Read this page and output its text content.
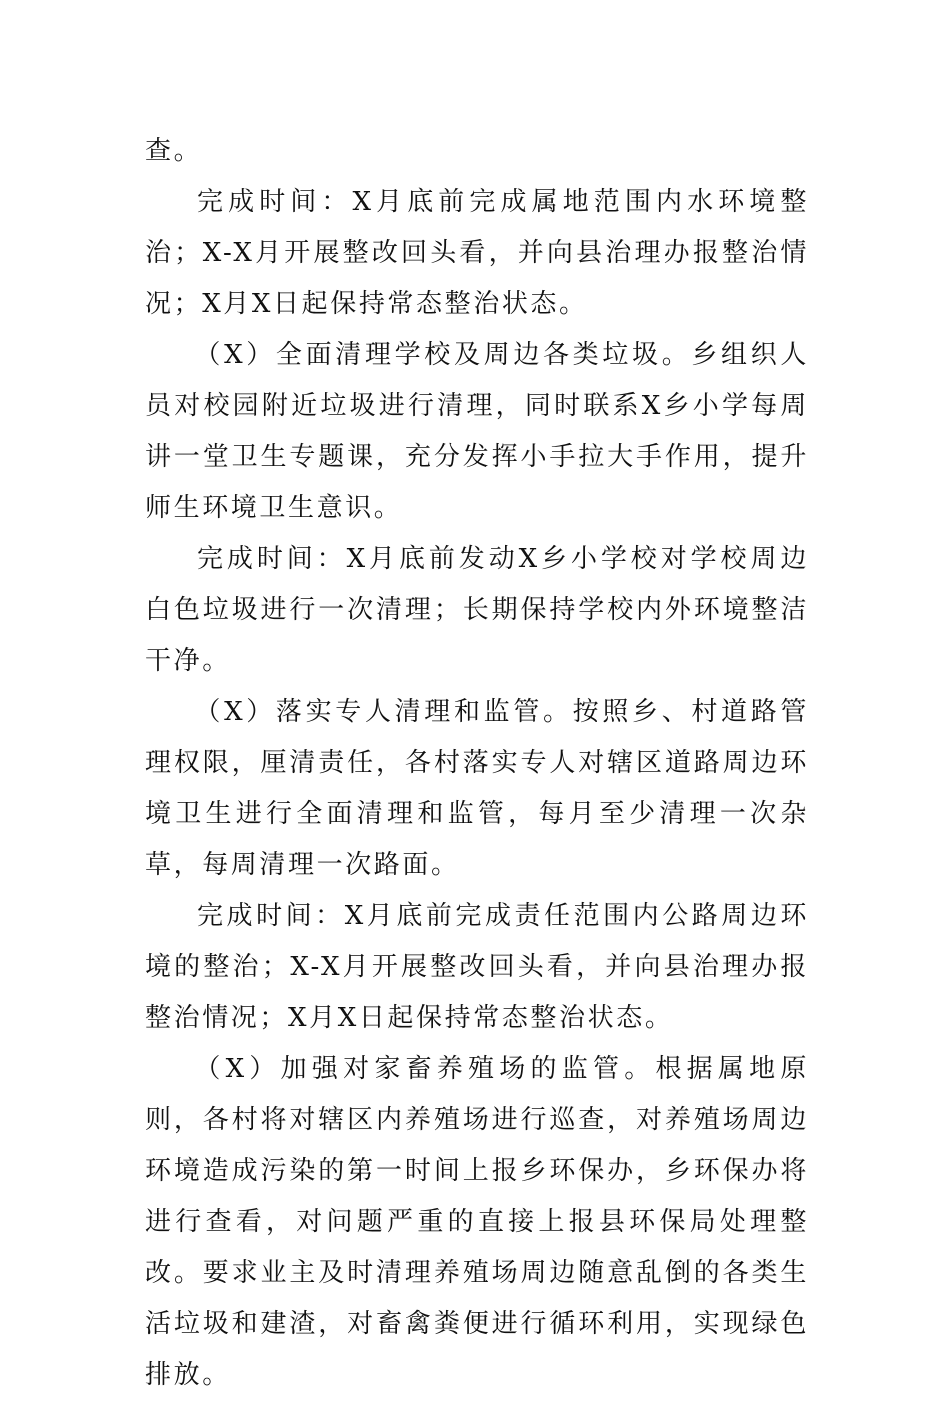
查。

完成时间：X月底前完成属地范围内水环境整治；X-X月开展整改回头看，并向县治理办报整治情况；X月X日起保持常态整治状态。

（X）全面清理学校及周边各类垃圾。乡组织人员对校园附近垃圾进行清理，同时联系X乡小学每周讲一堂卫生专题课，充分发挥小手拉大手作用，提升师生环境卫生意识。

完成时间：X月底前发动X乡小学校对学校周边白色垃圾进行一次清理；长期保持学校内外环境整洁干净。

（X）落实专人清理和监管。按照乡、村道路管理权限，厘清责任，各村落实专人对辖区道路周边环境卫生进行全面清理和监管，每月至少清理一次杂草，每周清理一次路面。

完成时间：X月底前完成责任范围内公路周边环境的整治；X-X月开展整改回头看，并向县治理办报整治情况；X月X日起保持常态整治状态。

（X）加强对家畜养殖场的监管。根据属地原则，各村将对辖区内养殖场进行巡查，对养殖场周边环境造成污染的第一时间上报乡环保办，乡环保办将进行查看，对问题严重的直接上报县环保局处理整改。要求业主及时清理养殖场周边随意乱倒的各类生活垃圾和建渣，对畜禽粪便进行循环利用，实现绿色排放。
